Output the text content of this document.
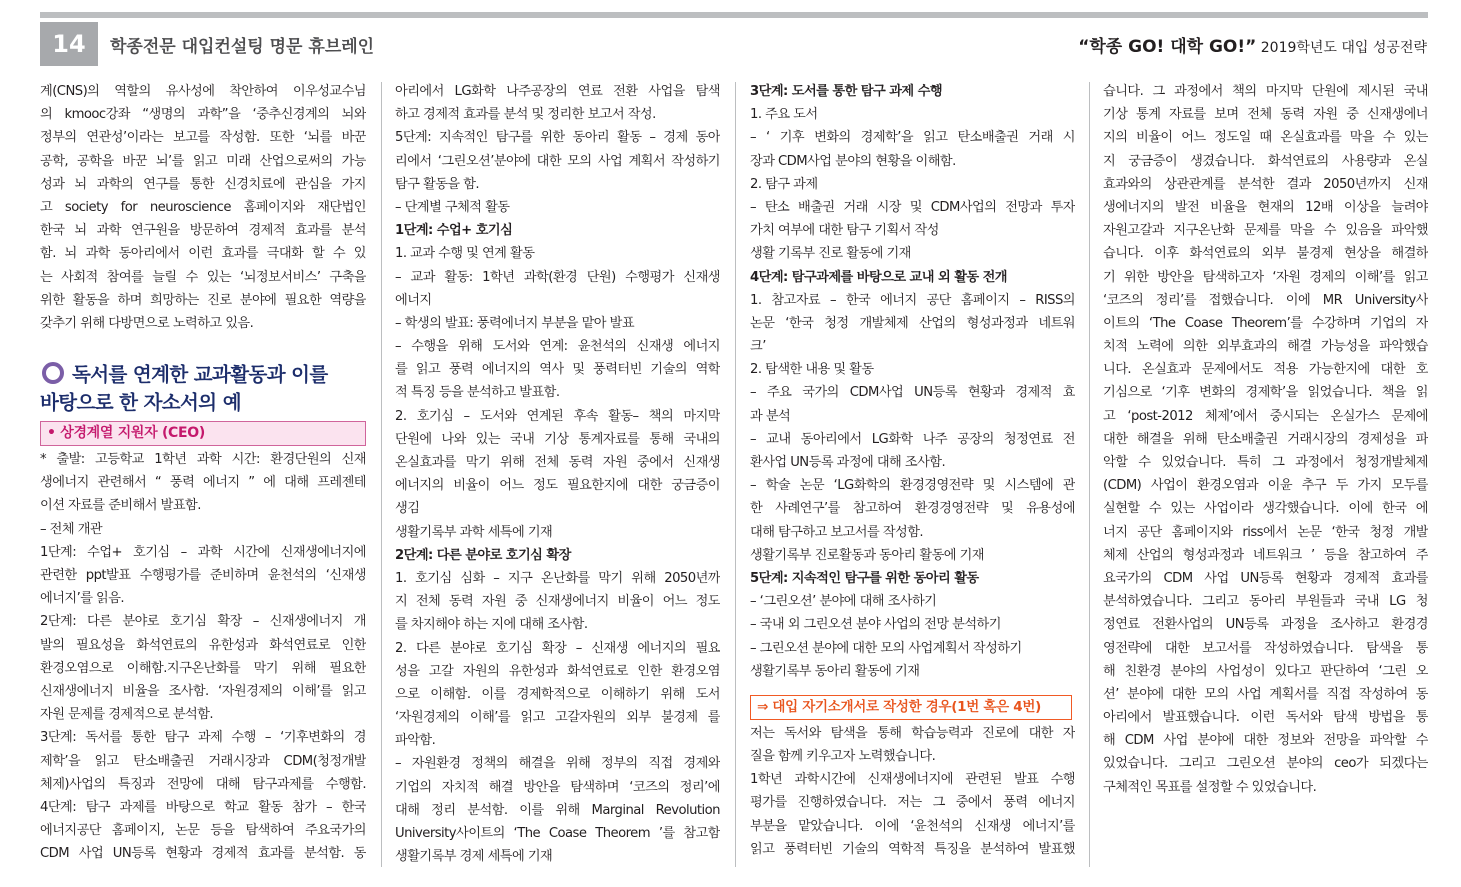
14	학종전문 대입컨설팅 명문 휴브레인	“학종 GO! 대학 GO!” 2019학년도 대입 성공전략
계(CNS)의 역할의 유사성에 착안하여 이우성교수님
의 kmooc강좌 “생명의 과학”을 ‘중추신경계의 뇌와
정부의 연관성’이라는 보고를 작성함. 또한 ‘뇌를 바꾼
공학, 공학을 바꾼 뇌’를 읽고 미래 산업으로써의 가능
성과 뇌 과학의 연구를 통한 신경치료에 관심을 가지
고 society for neuroscience 홈페이지와 재단법인
한국 뇌 과학 연구원을 방문하여 경제적 효과를 분석
함. 뇌 과학 동아리에서 이런 효과를 극대화 할 수 있
는 사회적 참여를 늘릴 수 있는 ‘뇌정보서비스’ 구축을
위한 활동을 하며 희망하는 진로 분야에 필요한 역량을
갖추기 위해 다방면으로 노력하고 있음.
독서를 연계한 교과활동과 이를
바탕으로 한 자소서의 예
• 상경계열 지원자 (CEO)
* 출발: 고등학교 1학년 과학 시간: 환경단원의 신재
생에너지 관련해서 “ 풍력 에너지 ” 에 대해 프레젠테
이션 자료를 준비해서 발표함.
– 전체 개관
1단계: 수업+ 호기심 – 과학 시간에 신재생에너지에
관련한 ppt발표 수행평가를 준비하며 윤천석의 ‘신재생
에너지’를 읽음.
2단계: 다른 분야로 호기심 확장 – 신재생에너지 개
발의 필요성을 화석연료의 유한성과 화석연료로 인한
환경오염으로 이해함.지구온난화를 막기 위해 필요한
신재생에너지 비율을 조사함. ‘자원경제의 이해’를 읽고
자원 문제를 경제적으로 분석함.
3단계: 독서를 통한 탐구 과제 수행 – ‘기후변화의 경
제학’을 읽고 탄소배출권 거래시장과 CDM(청정개발
체제)사업의 특징과 전망에 대해 탐구과제를 수행함.
4단계: 탐구 과제를 바탕으로 학교 활동 참가 – 한국
에너지공단 홈페이지, 논문 등을 탐색하여 주요국가의
CDM 사업 UN등록 현황과 경제적 효과를 분석함. 동
아리에서 LG화학 나주공장의 연료 전환 사업을 탐색
하고 경제적 효과를 분석 및 정리한 보고서 작성.
5단계: 지속적인 탐구를 위한 동아리 활동 – 경제 동아
리에서 ‘그린오션’분야에 대한 모의 사업 계획서 작성하기
탐구 활동을 함.
– 단계별 구체적 활동
1단계: 수업+ 호기심
1. 교과 수행 및 연계 활동
– 교과 활동: 1학년 과학(환경 단원) 수행평가 신재생
에너지
– 학생의 발표: 풍력에너지 부분을 맡아 발표
– 수행을 위해 도서와 연계: 윤천석의 신재생 에너지
를 읽고 풍력 에너지의 역사 및 풍력터빈 기술의 역학
적 특징 등을 분석하고 발표함.
2. 호기심 – 도서와 연계된 후속 활동– 책의 마지막
단원에 나와 있는 국내 기상 통계자료를 통해 국내의
온실효과를 막기 위해 전체 동력 자원 중에서 신재생
에너지의 비율이 어느 정도 필요한지에 대한 궁금증이
생김
생활기록부 과학 세특에 기재
2단계: 다른 분야로 호기심 확장
1. 호기심 심화 – 지구 온난화를 막기 위해 2050년까
지 전체 동력 자원 중 신재생에너지 비율이 어느 정도
를 차지해야 하는 지에 대해 조사함.
2. 다른 분야로 호기심 확장 – 신재생 에너지의 필요
성을 고갈 자원의 유한성과 화석연료로 인한 환경오염
으로 이해함. 이를 경제학적으로 이해하기 위해 도서
‘자원경제의 이해’를 읽고 고갈자원의 외부 불경제 를
파악함.
– 자원환경 정책의 해결을 위해 정부의 직접 경제와
기업의 자치적 해결 방안을 탐색하며 ‘코즈의 정리’에
대해 정리 분석함. 이를 위해 Marginal Revolution
University사이트의 ‘The Coase Theorem ’를 참고함
생활기록부 경제 세특에 기재
3단계: 도서를 통한 탐구 과제 수행
1. 주요 도서
– ‘ 기후 변화의 경제학’을 읽고 탄소배출권 거래 시
장과 CDM사업 분야의 현황을 이해함.
2. 탐구 과제
– 탄소 배출권 거래 시장 및 CDM사업의 전망과 투자
가치 여부에 대한 탐구 기획서 작성
생활 기록부 진로 활동에 기재
4단계: 탐구과제를 바탕으로 교내 외 활동 전개
1. 참고자료 – 한국 에너지 공단 홈페이지 – RISS의
논문 ‘한국 청정 개발체제 산업의 형성과정과 네트워
크’
2. 탐색한 내용 및 활동
– 주요 국가의 CDM사업 UN등록 현황과 경제적 효
과 분석
– 교내 동아리에서 LG화학 나주 공장의 청정연료 전
환사업 UN등록 과정에 대해 조사함.
– 학술 논문 ‘LG화학의 환경경영전략 및 시스템에 관
한 사례연구’를 참고하여 환경경영전략 및 유용성에
대해 탐구하고 보고서를 작성함.
생활기록부 진로활동과 동아리 활동에 기재
5단계: 지속적인 탐구를 위한 동아리 활동
– ‘그린오션’ 분야에 대해 조사하기
– 국내 외 그린오션 분야 사업의 전망 분석하기
– 그린오션 분야에 대한 모의 사업계획서 작성하기
생활기록부 동아리 활동에 기재
⇒ 대입 자기소개서로 작성한 경우(1번 혹은 4번)
저는 독서와 탐색을 통해 학습능력과 진로에 대한 자
질을 함께 키우고자 노력했습니다.
1학년 과학시간에 신재생에너지에 관련된 발표 수행
평가를 진행하였습니다. 저는 그 중에서 풍력 에너지
부분을 맡았습니다. 이에 ‘윤천석의 신재생 에너지’를
읽고 풍력터빈 기술의 역학적 특징을 분석하여 발표했
습니다. 그 과정에서 책의 마지막 단원에 제시된 국내
기상 통계 자료를 보며 전체 동력 자원 중 신재생에너
지의 비율이 어느 정도일 때 온실효과를 막을 수 있는
지 궁금증이 생겼습니다. 화석연료의 사용량과 온실
효과와의 상관관계를 분석한 결과 2050년까지 신재
생에너지의 발전 비율을 현재의 12배 이상을 늘려야
자원고갈과 지구온난화 문제를 막을 수 있음을 파악했
습니다. 이후 화석연료의 외부 불경제 현상을 해결하
기 위한 방안을 탐색하고자 ‘자원 경제의 이해’를 읽고
‘코즈의 정리’를 접했습니다. 이에 MR University사
이트의 ‘The Coase Theorem’를 수강하며 기업의 자
치적 노력에 의한 외부효과의 해결 가능성을 파악했습
니다. 온실효과 문제에서도 적용 가능한지에 대한 호
기심으로 ‘기후 변화의 경제학’을 읽었습니다. 책을 읽
고 ‘post-2012 체제’에서 중시되는 온실가스 문제에
대한 해결을 위해 탄소배출권 거래시장의 경제성을 파
악할 수 있었습니다. 특히 그 과정에서 청정개발체제
(CDM) 사업이 환경오염과 이윤 추구 두 가지 모두를
실현할 수 있는 사업이라 생각했습니다. 이에 한국 에
너지 공단 홈페이지와 riss에서 논문 ‘한국 청정 개발
체제 산업의 형성과정과 네트워크 ’ 등을 참고하여 주
요국가의 CDM 사업 UN등록 현황과 경제적 효과를
분석하였습니다. 그리고 동아리 부원들과 국내 LG 청
정연료 전환사업의 UN등록 과정을 조사하고 환경경
영전략에 대한 보고서를 작성하였습니다. 탐색을 통
해 친환경 분야의 사업성이 있다고 판단하여 ‘그린 오
션’ 분야에 대한 모의 사업 계획서를 직접 작성하여 동
아리에서 발표했습니다. 이런 독서와 탐색 방법을 통
해 CDM 사업 분야에 대한 정보와 전망을 파악할 수
있었습니다. 그리고 그린오션 분야의 ceo가 되겠다는
구체적인 목표를 설정할 수 있었습니다.
